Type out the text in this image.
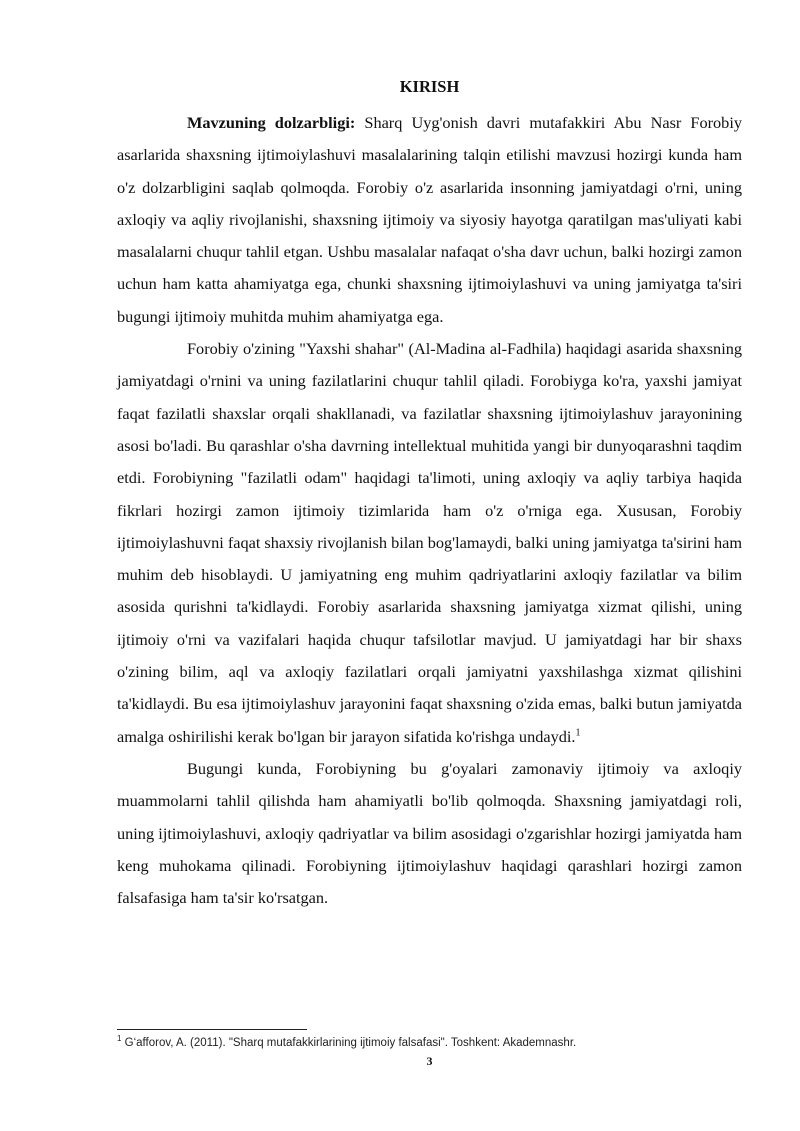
KIRISH

Mavzuning dolzarbligi: Sharq Uyg'onish davri mutafakkiri Abu Nasr Forobiy asarlarida shaxsning ijtimoiylashuvi masalalarining talqin etilishi mavzusi hozirgi kunda ham o'z dolzarbligini saqlab qolmoqda. Forobiy o'z asarlarida insonning jamiyatdagi o'rni, uning axloqiy va aqliy rivojlanishi, shaxsning ijtimoiy va siyosiy hayotga qaratilgan mas'uliyati kabi masalalarni chuqur tahlil etgan. Ushbu masalalar nafaqat o'sha davr uchun, balki hozirgi zamon uchun ham katta ahamiyatga ega, chunki shaxsning ijtimoiylashuvi va uning jamiyatga ta'siri bugungi ijtimoiy muhitda muhim ahamiyatga ega.

Forobiy o'zining "Yaxshi shahar" (Al-Madina al-Fadhila) haqidagi asarida shaxsning jamiyatdagi o'rnini va uning fazilatlarini chuqur tahlil qiladi. Forobiyga ko'ra, yaxshi jamiyat faqat fazilatli shaxslar orqali shakllanadi, va fazilatlar shaxsning ijtimoiylashuv jarayonining asosi bo'ladi. Bu qarashlar o'sha davrning intellektual muhitida yangi bir dunyoqarashni taqdim etdi. Forobiyning "fazilatli odam" haqidagi ta'limoti, uning axloqiy va aqliy tarbiya haqida fikrlari hozirgi zamon ijtimoiy tizimlarida ham o'z o'rniga ega. Xususan, Forobiy ijtimoiylashuvni faqat shaxsiy rivojlanish bilan bog'lamaydi, balki uning jamiyatga ta'sirini ham muhim deb hisoblaydi. U jamiyatning eng muhim qadriyatlarini axloqiy fazilatlar va bilim asosida qurishni ta'kidlaydi. Forobiy asarlarida shaxsning jamiyatga xizmat qilishi, uning ijtimoiy o'rni va vazifalari haqida chuqur tafsilotlar mavjud. U jamiyatdagi har bir shaxs o'zining bilim, aql va axloqiy fazilatlari orqali jamiyatni yaxshilashga xizmat qilishini ta'kidlaydi. Bu esa ijtimoiylashuv jarayonini faqat shaxsning o'zida emas, balki butun jamiyatda amalga oshirilishi kerak bo'lgan bir jarayon sifatida ko'rishga undaydi.$^1$

Bugungi kunda, Forobiyning bu g'oyalari zamonaviy ijtimoiy va axloqiy muammolarni tahlil qilishda ham ahamiyatli bo'lib qolmoqda. Shaxsning jamiyatdagi roli, uning ijtimoiylashuvi, axloqiy qadriyatlar va bilim asosidagi o'zgarishlar hozirgi jamiyatda ham keng muhokama qilinadi. Forobiyning ijtimoiylashuv haqidagi qarashlari hozirgi zamon falsafasiga ham ta'sir ko'rsatgan.

$^1$ G‘afforov, A. (2011). "Sharq mutafakkirlarining ijtimoiy falsafasi". Toshkent: Akademnashr.

3
